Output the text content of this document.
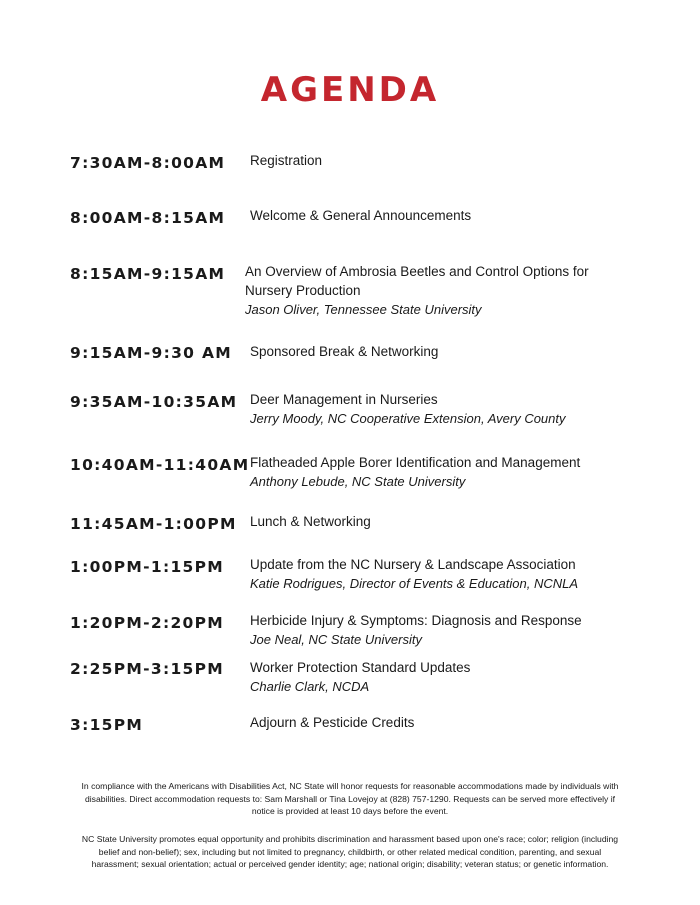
AGENDA
7:30AM-8:00AM Registration
8:00AM-8:15AM Welcome & General Announcements
8:15AM-9:15AM An Overview of Ambrosia Beetles and Control Options for Nursery Production
Jason Oliver, Tennessee State University
9:15AM-9:30 AM Sponsored Break & Networking
9:35AM-10:35AM Deer Management in Nurseries
Jerry Moody, NC Cooperative Extension, Avery County
10:40AM-11:40AM Flatheaded Apple Borer Identification and Management
Anthony Lebude, NC State University
11:45AM-1:00PM Lunch & Networking
1:00PM-1:15PM Update from the NC Nursery & Landscape Association
Katie Rodrigues, Director of Events & Education, NCNLA
1:20PM-2:20PM Herbicide Injury & Symptoms: Diagnosis and Response
Joe Neal, NC State University
2:25PM-3:15PM Worker Protection Standard Updates
Charlie Clark, NCDA
3:15PM	Adjourn & Pesticide Credits

In compliance with the Americans with Disabilities Act, NC State will honor requests for reasonable accommodations made by individuals with disabilities. Direct accommodation requests to: Sam Marshall or Tina Lovejoy at (828) 757-1290. Requests can be served more effectively if notice is provided at least 10 days before the event.

NC State University promotes equal opportunity and prohibits discrimination and harassment based upon one's race; color; religion (including belief and non-belief); sex, including but not limited to pregnancy, childbirth, or other related medical condition, parenting, and sexual harassment; sexual orientation; actual or perceived gender identity; age; national origin; disability; veteran status; or genetic information.
